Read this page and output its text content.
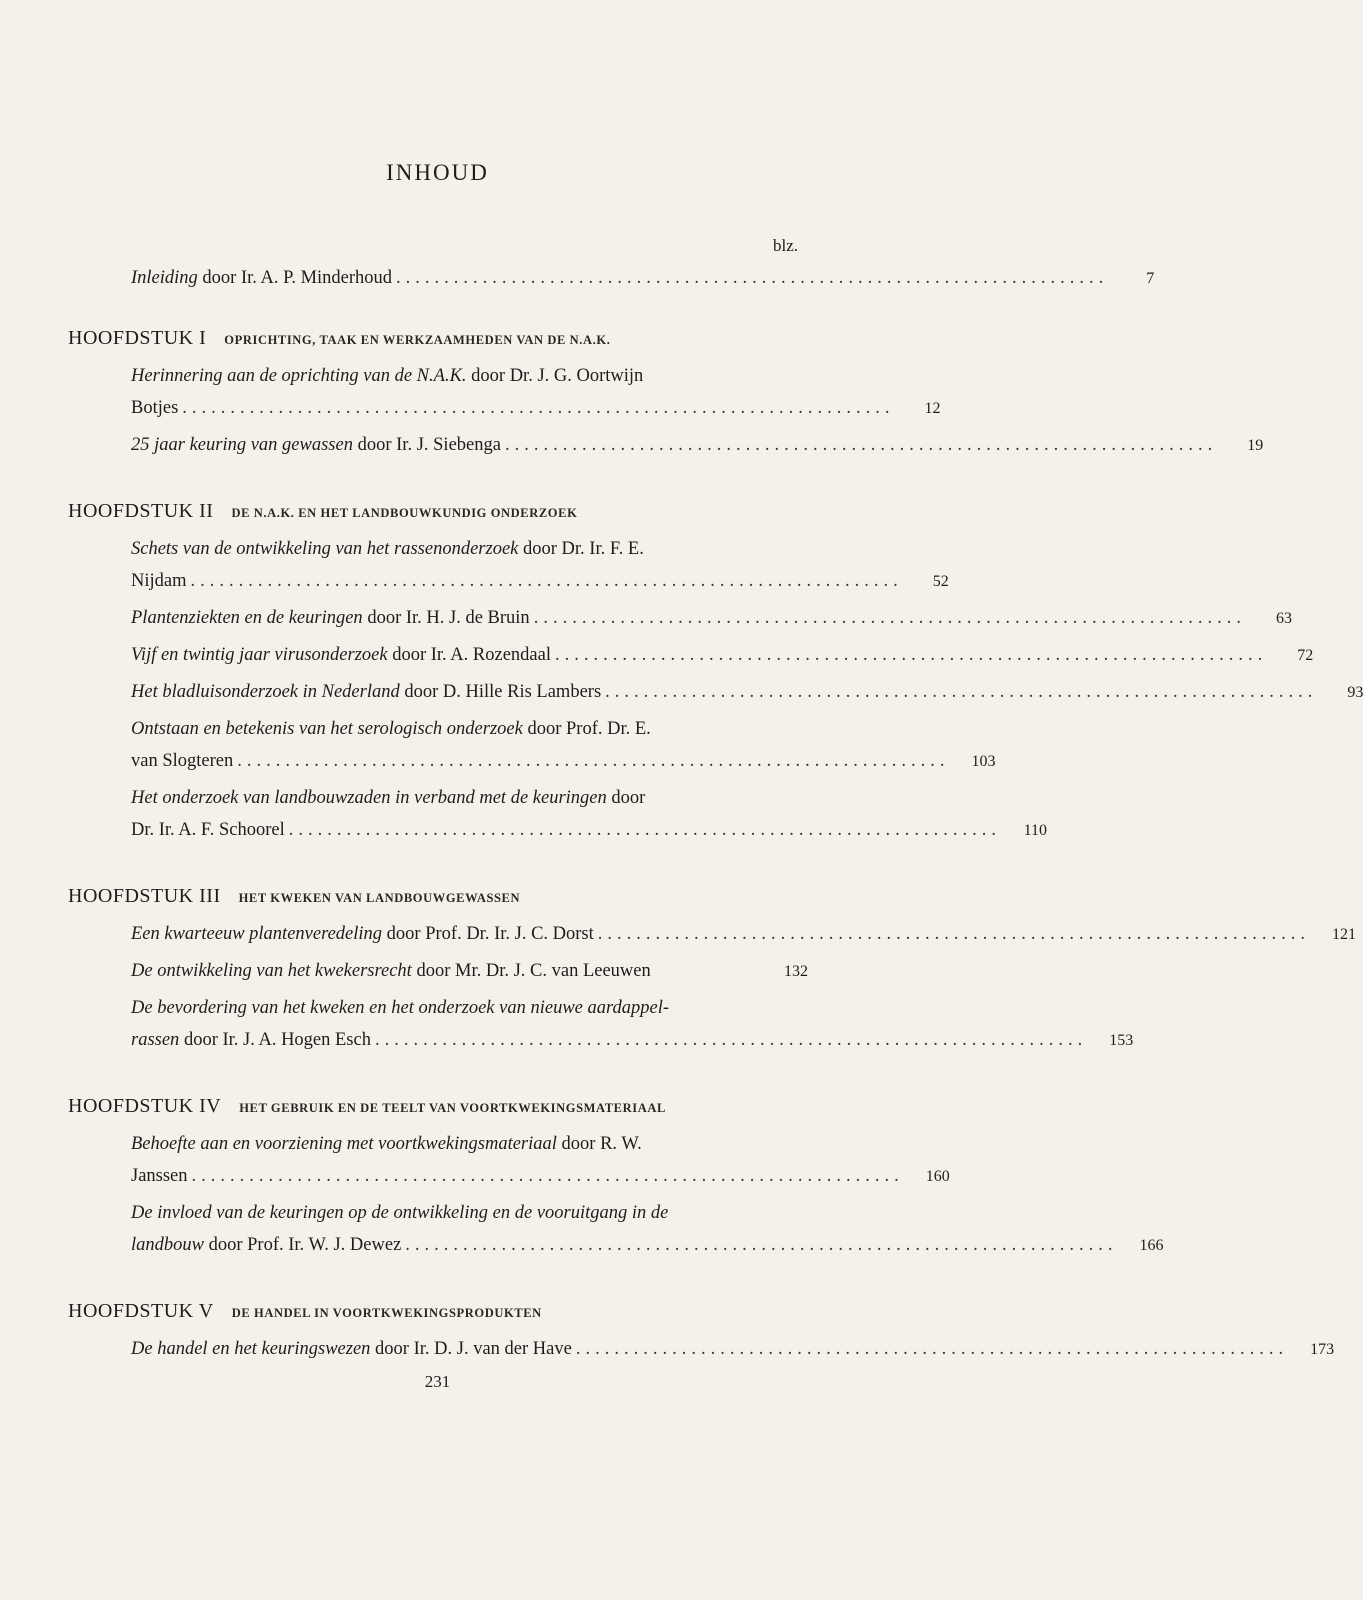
INHOUD
blz.
Inleiding door Ir. A. P. Minderhoud ..........................................................................	7
HOOFDSTUK I OPRICHTING, TAAK EN WERKZAAMHEDEN VAN DE N.A.K.
Herinnering aan de oprichting van de N.A.K. door Dr. J. G. Oortwijn
Botjes ..........................................................................	12
25 jaar keuring van gewassen door Ir. J. Siebenga ..........................................................................	19
HOOFDSTUK II DE N.A.K. EN HET LANDBOUWKUNDIG ONDERZOEK
Schets van de ontwikkeling van het rassenonderzoek door Dr. Ir. F. E.
Nijdam ..........................................................................	52
Plantenziekten en de keuringen door Ir. H. J. de Bruin ..........................................................................	63
Vijf en twintig jaar virusonderzoek door Ir. A. Rozendaal ..........................................................................	72
Het bladluisonderzoek in Nederland door D. Hille Ris Lambers ..........................................................................	93
Ontstaan en betekenis van het serologisch onderzoek door Prof. Dr. E.
van Slogteren ..........................................................................	103
Het onderzoek van landbouwzaden in verband met de keuringen door
Dr. Ir. A. F. Schoorel ..........................................................................	110
HOOFDSTUK III HET KWEKEN VAN LANDBOUWGEWASSEN
Een kwarteeuw plantenveredeling door Prof. Dr. Ir. J. C. Dorst ..........................................................................	121
De ontwikkeling van het kwekersrecht door Mr. Dr. J. C. van Leeuwen	132
De bevordering van het kweken en het onderzoek van nieuwe aardappel-
rassen door Ir. J. A. Hogen Esch ..........................................................................	153
HOOFDSTUK IV HET GEBRUIK EN DE TEELT VAN VOORTKWEKINGSMATERIAAL
Behoefte aan en voorziening met voortkwekingsmateriaal door R. W.
Janssen ..........................................................................	160
De invloed van de keuringen op de ontwikkeling en de vooruitgang in de
landbouw door Prof. Ir. W. J. Dewez ..........................................................................	166
HOOFDSTUK V DE HANDEL IN VOORTKWEKINGSPRODUKTEN
De handel en het keuringswezen door Ir. D. J. van der Have ..........................................................................	173
231
